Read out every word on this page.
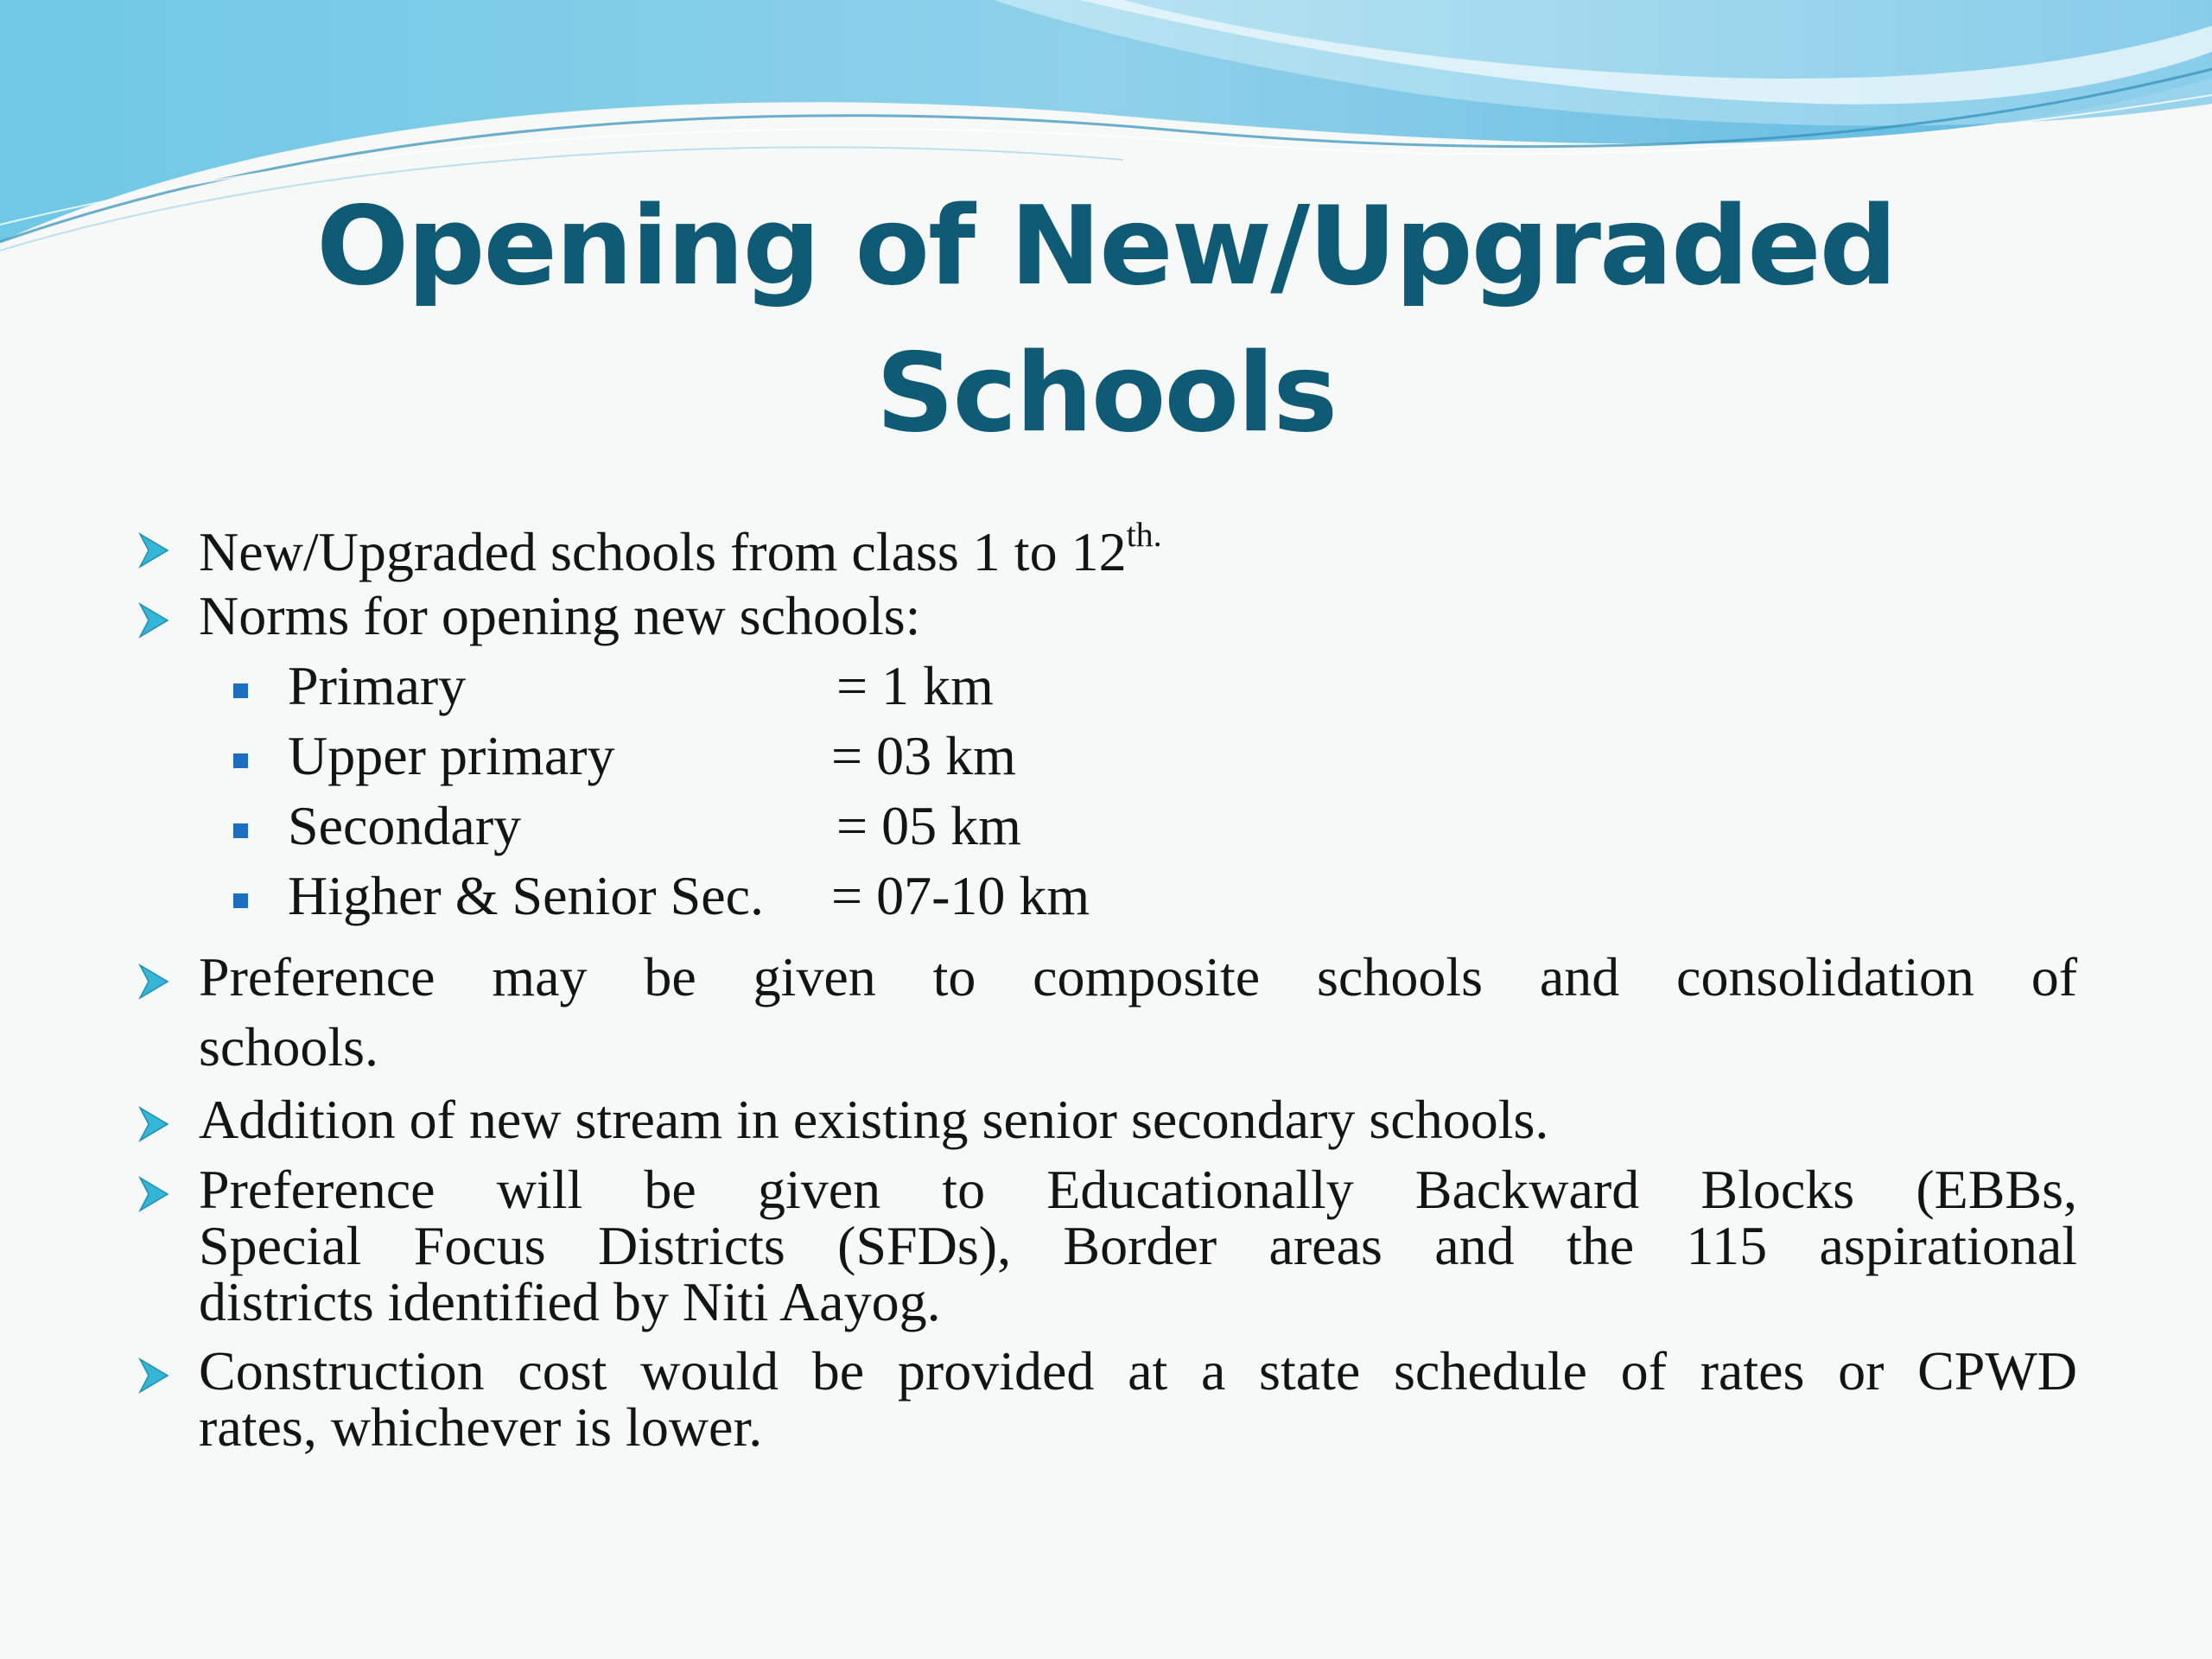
Opening of New/Upgraded
Schools
New/Upgraded schools from class 1 to $12^{th.}$
Norms for opening new schools:
Primary	= 1 km
Upper primary	= 03 km
Secondary	= 05 km
Higher & Senior Sec. = 07-10 km
Preference may be given to composite schools and consolidation of
schools.
Addition of new stream in existing senior secondary schools.
Preference will be given to Educationally Backward Blocks (EBBs,
Special Focus Districts (SFDs), Border areas and the 115 aspirational
districts identified by Niti Aayog.
Construction cost would be provided at a state schedule of rates or CPWD
rates, whichever is lower.
